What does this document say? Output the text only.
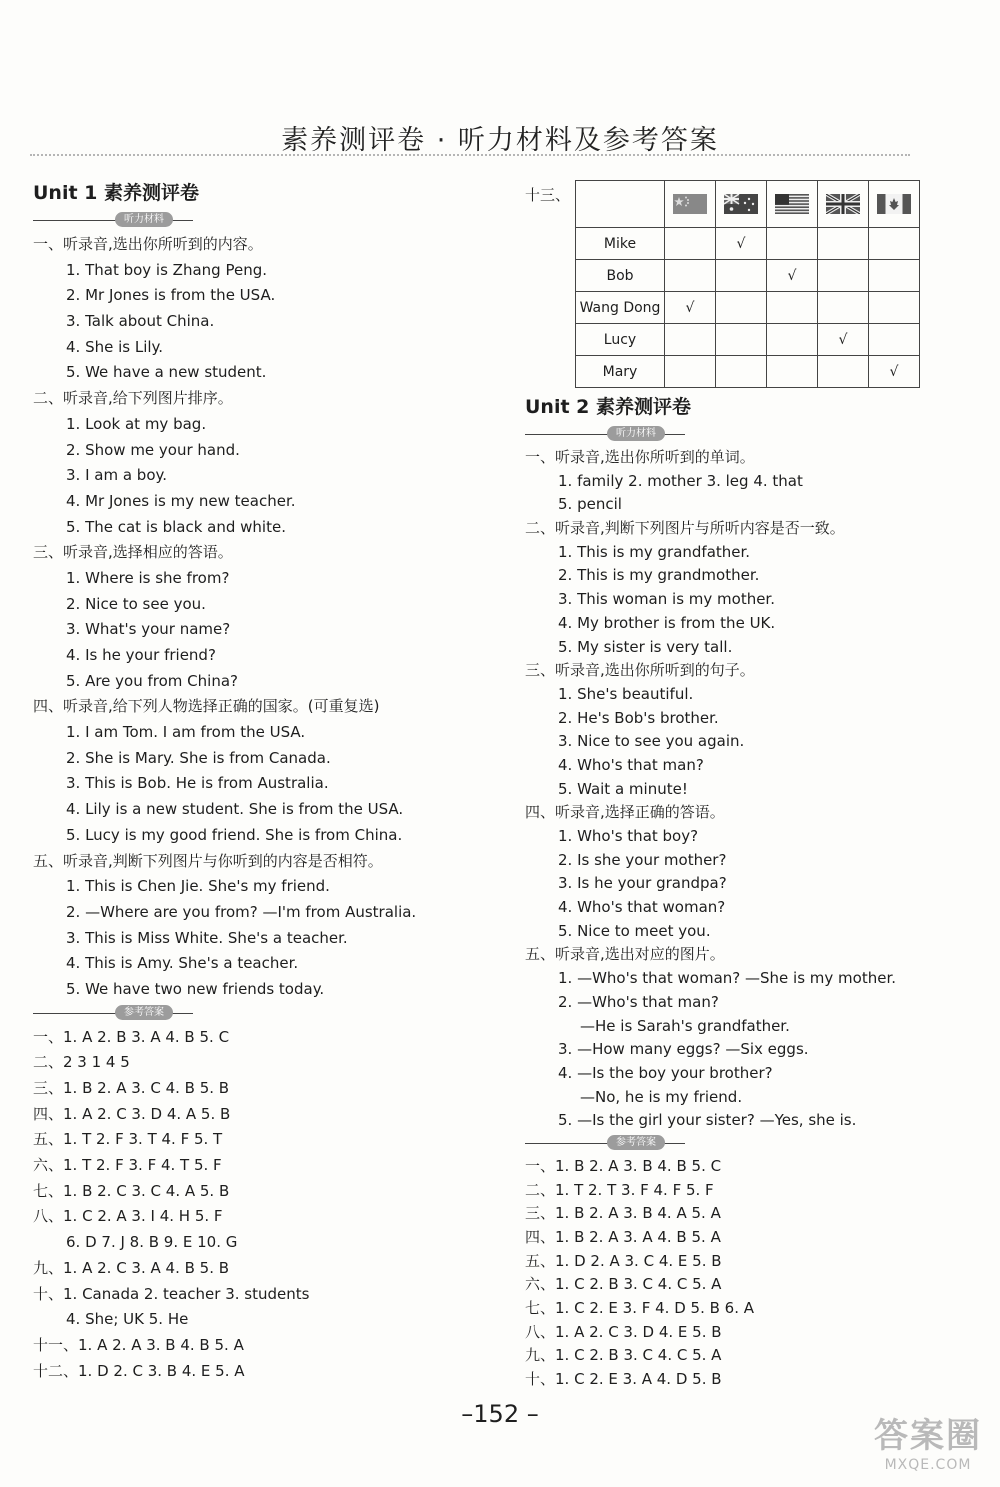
素养测评卷 · 听力材料及参考答案
Unit 1 素养测评卷
听力材料
一、听录音,选出你所听到的内容。
1. That boy is Zhang Peng.
2. Mr Jones is from the USA.
3. Talk about China.
4. She is Lily.
5. We have a new student.
二、听录音,给下列图片排序。
1. Look at my bag.
2. Show me your hand.
3. I am a boy.
4. Mr Jones is my new teacher.
5. The cat is black and white.
三、听录音,选择相应的答语。
1. Where is she from?
2. Nice to see you.
3. What's your name?
4. Is he your friend?
5. Are you from China?
四、听录音,给下列人物选择正确的国家。(可重复选)
1. I am Tom. I am from the USA.
2. She is Mary. She is from Canada.
3. This is Bob. He is from Australia.
4. Lily is a new student. She is from the USA.
5. Lucy is my good friend. She is from China.
五、听录音,判断下列图片与你听到的内容是否相符。
1. This is Chen Jie. She's my friend.
2. —Where are you from? —I'm from Australia.
3. This is Miss White. She's a teacher.
4. This is Amy. She's a teacher.
5. We have two new friends today.
参考答案
一、1. A 2. B 3. A 4. B 5. C
二、2 3 1 4 5
三、1. B 2. A 3. C 4. B 5. B
四、1. A 2. C 3. D 4. A 5. B
五、1. T 2. F 3. T 4. F 5. T
六、1. T 2. F 3. F 4. T 5. F
七、1. B 2. C 3. C 4. A 5. B
八、1. C 2. A 3. I 4. H 5. F
6. D 7. J 8. B 9. E 10. G
九、1. A 2. C 3. A 4. B 5. B
十、1. Canada 2. teacher 3. students
4. She; UK 5. He
十一、1. A 2. A 3. B 4. B 5. A
十二、1. D 2. C 3. B 4. E 5. A
十三、

Mike		√			
Bob			√		
Wang Dong	√				
Lucy				√	
Mary					√
Unit 2 素养测评卷
听力材料
一、听录音,选出你所听到的单词。
1. family 2. mother 3. leg 4. that
5. pencil
二、听录音,判断下列图片与所听内容是否一致。
1. This is my grandfather.
2. This is my grandmother.
3. This woman is my mother.
4. My brother is from the UK.
5. My sister is very tall.
三、听录音,选出你所听到的句子。
1. She's beautiful.
2. He's Bob's brother.
3. Nice to see you again.
4. Who's that man?
5. Wait a minute!
四、听录音,选择正确的答语。
1. Who's that boy?
2. Is she your mother?
3. Is he your grandpa?
4. Who's that woman?
5. Nice to meet you.
五、听录音,选出对应的图片。
1. —Who's that woman? —She is my mother.
2. —Who's that man?
—He is Sarah's grandfather.
3. —How many eggs? —Six eggs.
4. —Is the boy your brother?
—No, he is my friend.
5. —Is the girl your sister? —Yes, she is.
参考答案
一、1. B 2. A 3. B 4. B 5. C
二、1. T 2. T 3. F 4. F 5. F
三、1. B 2. A 3. B 4. A 5. A
四、1. B 2. A 3. A 4. B 5. A
五、1. D 2. A 3. C 4. E 5. B
六、1. C 2. B 3. C 4. C 5. A
七、1. C 2. E 3. F 4. D 5. B 6. A
八、1. A 2. C 3. D 4. E 5. B
九、1. C 2. B 3. C 4. C 5. A
十、1. C 2. E 3. A 4. D 5. B
–152 –
答案圈
MXQE.COM
